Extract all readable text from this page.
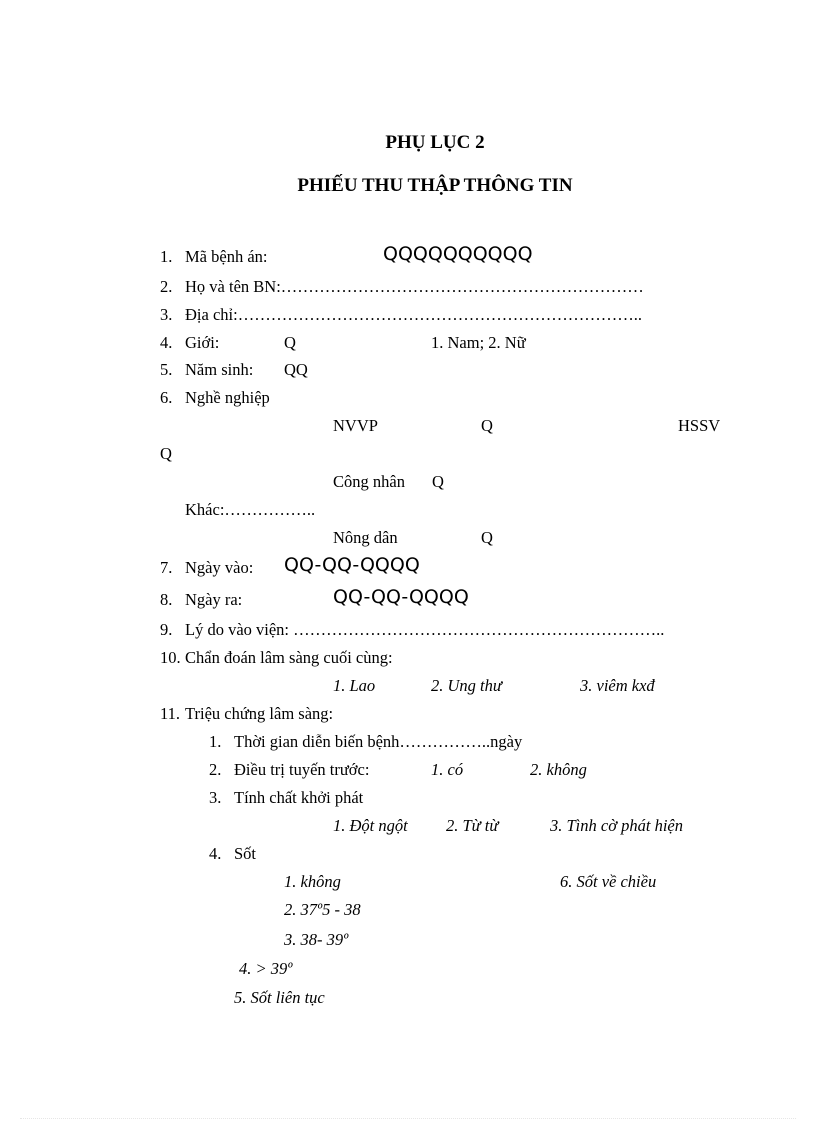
PHỤ LỤC 2
PHIẾU THU THẬP THÔNG TIN
1. Mã bệnh án:	QQQQQQQQQQ
2. Họ và tên BN:…………………………………………………………
3. Địa chỉ:………………………………………………………………..
4. Giới:	Q	1. Nam; 2. Nữ
5. Năm sinh: QQ
6. Nghề nghiệp
NVVP	Q	HSSV
Q
Công nhân Q
Khác:……………..
Nông dân	Q
7. Ngày vào: QQ-QQ-QQQQ
8. Ngày ra:	QQ-QQ-QQQQ
9. Lý do vào viện: …………………………………………………………..
10. Chẩn đoán lâm sàng cuối cùng:
1. Lao	2. Ung thư	3. viêm kxđ
11. Triệu chứng lâm sàng:
1. Thời gian diễn biến bệnh……………..ngày
2. Điều trị tuyến trước:	1. có	2. không
3. Tính chất khởi phát
1. Đột ngột 2. Từ từ	3. Tình cờ phát hiện
4. Sốt
1. không	6. Sốt về chiều
2. 37º5 - 38
3. 38- 39º
4. > 39º
5. Sốt liên tục
